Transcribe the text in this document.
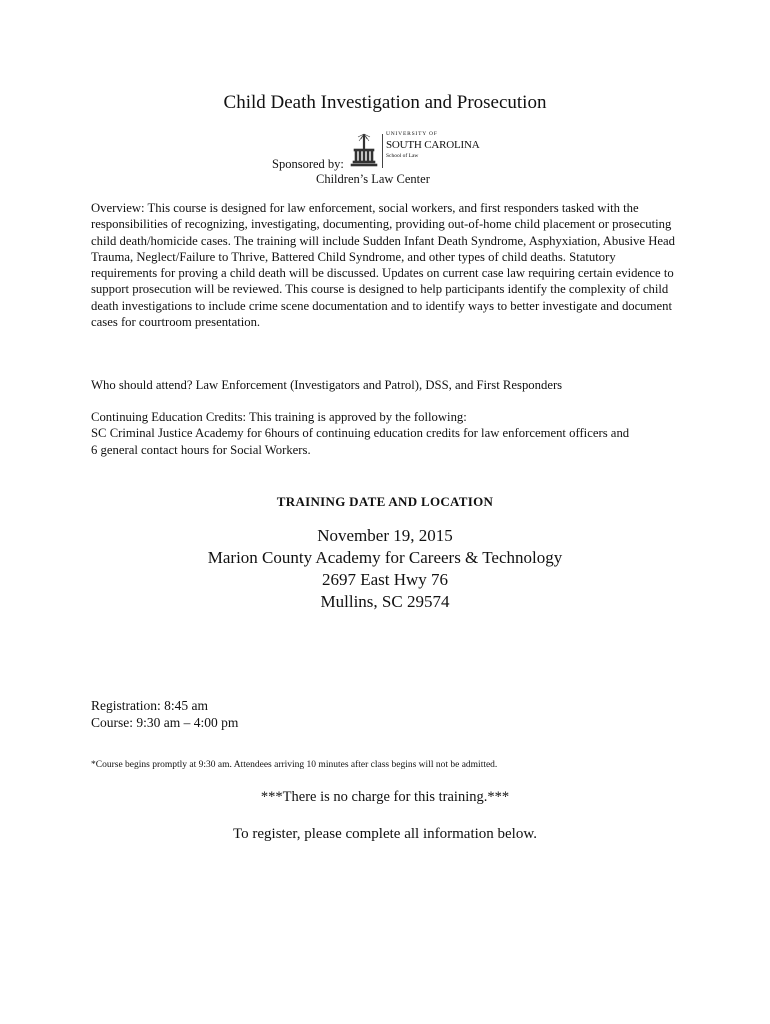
Child Death Investigation and Prosecution
Sponsored by:
UNIVERSITY OF
SOUTH CAROLINA
School of Law
Children’s Law Center

Overview: This course is designed for law enforcement, social workers, and first responders tasked with the responsibilities of recognizing, investigating, documenting, providing out-of-home child placement or prosecuting child death/homicide cases. The training will include Sudden Infant Death Syndrome, Asphyxiation, Abusive Head Trauma, Neglect/Failure to Thrive, Battered Child Syndrome, and other types of child deaths. Statutory requirements for proving a child death will be discussed. Updates on current case law requiring certain evidence to support prosecution will be reviewed. This course is designed to help participants identify the complexity of child death investigations to include crime scene documentation and to identify ways to better investigate and document cases for courtroom presentation.

Who should attend? Law Enforcement (Investigators and Patrol), DSS, and First Responders

Continuing Education Credits: This training is approved by the following:
SC Criminal Justice Academy for 6hours of continuing education credits for law enforcement officers and
6 general contact hours for Social Workers.

TRAINING DATE AND LOCATION
November 19, 2015
Marion County Academy for Careers & Technology
2697 East Hwy 76
Mullins, SC 29574
Registration: 8:45 am
Course: 9:30 am – 4:00 pm

*Course begins promptly at 9:30 am. Attendees arriving 10 minutes after class begins will not be admitted.

***There is no charge for this training.***

To register, please complete all information below.
